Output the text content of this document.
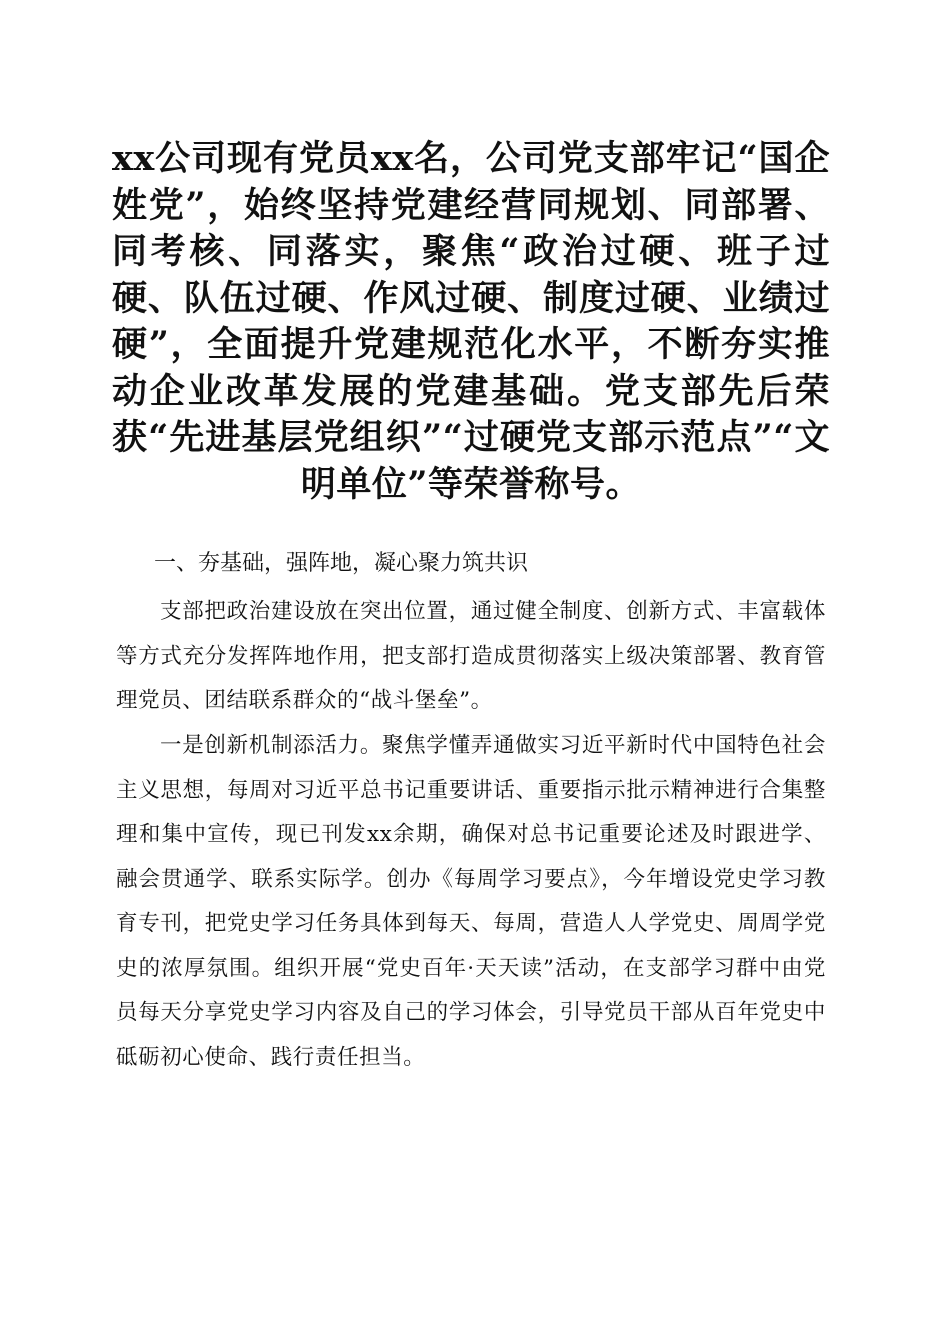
xx公司现有党员xx名，公司党支部牢记“国企姓党”，始终坚持党建经营同规划、同部署、同考核、同落实，聚焦“政治过硬、班子过硬、队伍过硬、作风过硬、制度过硬、业绩过硬”，全面提升党建规范化水平，不断夯实推动企业改革发展的党建基础。党支部先后荣获“先进基层党组织”“过硬党支部示范点”“文明单位”等荣誉称号。
一、夯基础，强阵地，凝心聚力筑共识

支部把政治建设放在突出位置，通过健全制度、创新方式、丰富载体等方式充分发挥阵地作用，把支部打造成贯彻落实上级决策部署、教育管理党员、团结联系群众的“战斗堡垒”。

一是创新机制添活力。聚焦学懂弄通做实习近平新时代中国特色社会主义思想，每周对习近平总书记重要讲话、重要指示批示精神进行合集整理和集中宣传，现已刊发xx余期，确保对总书记重要论述及时跟进学、融会贯通学、联系实际学。创办《每周学习要点》，今年增设党史学习教育专刊，把党史学习任务具体到每天、每周，营造人人学党史、周周学党史的浓厚氛围。组织开展“党史百年·天天读”活动，在支部学习群中由党员每天分享党史学习内容及自己的学习体会，引导党员干部从百年党史中砥砺初心使命、践行责任担当。
